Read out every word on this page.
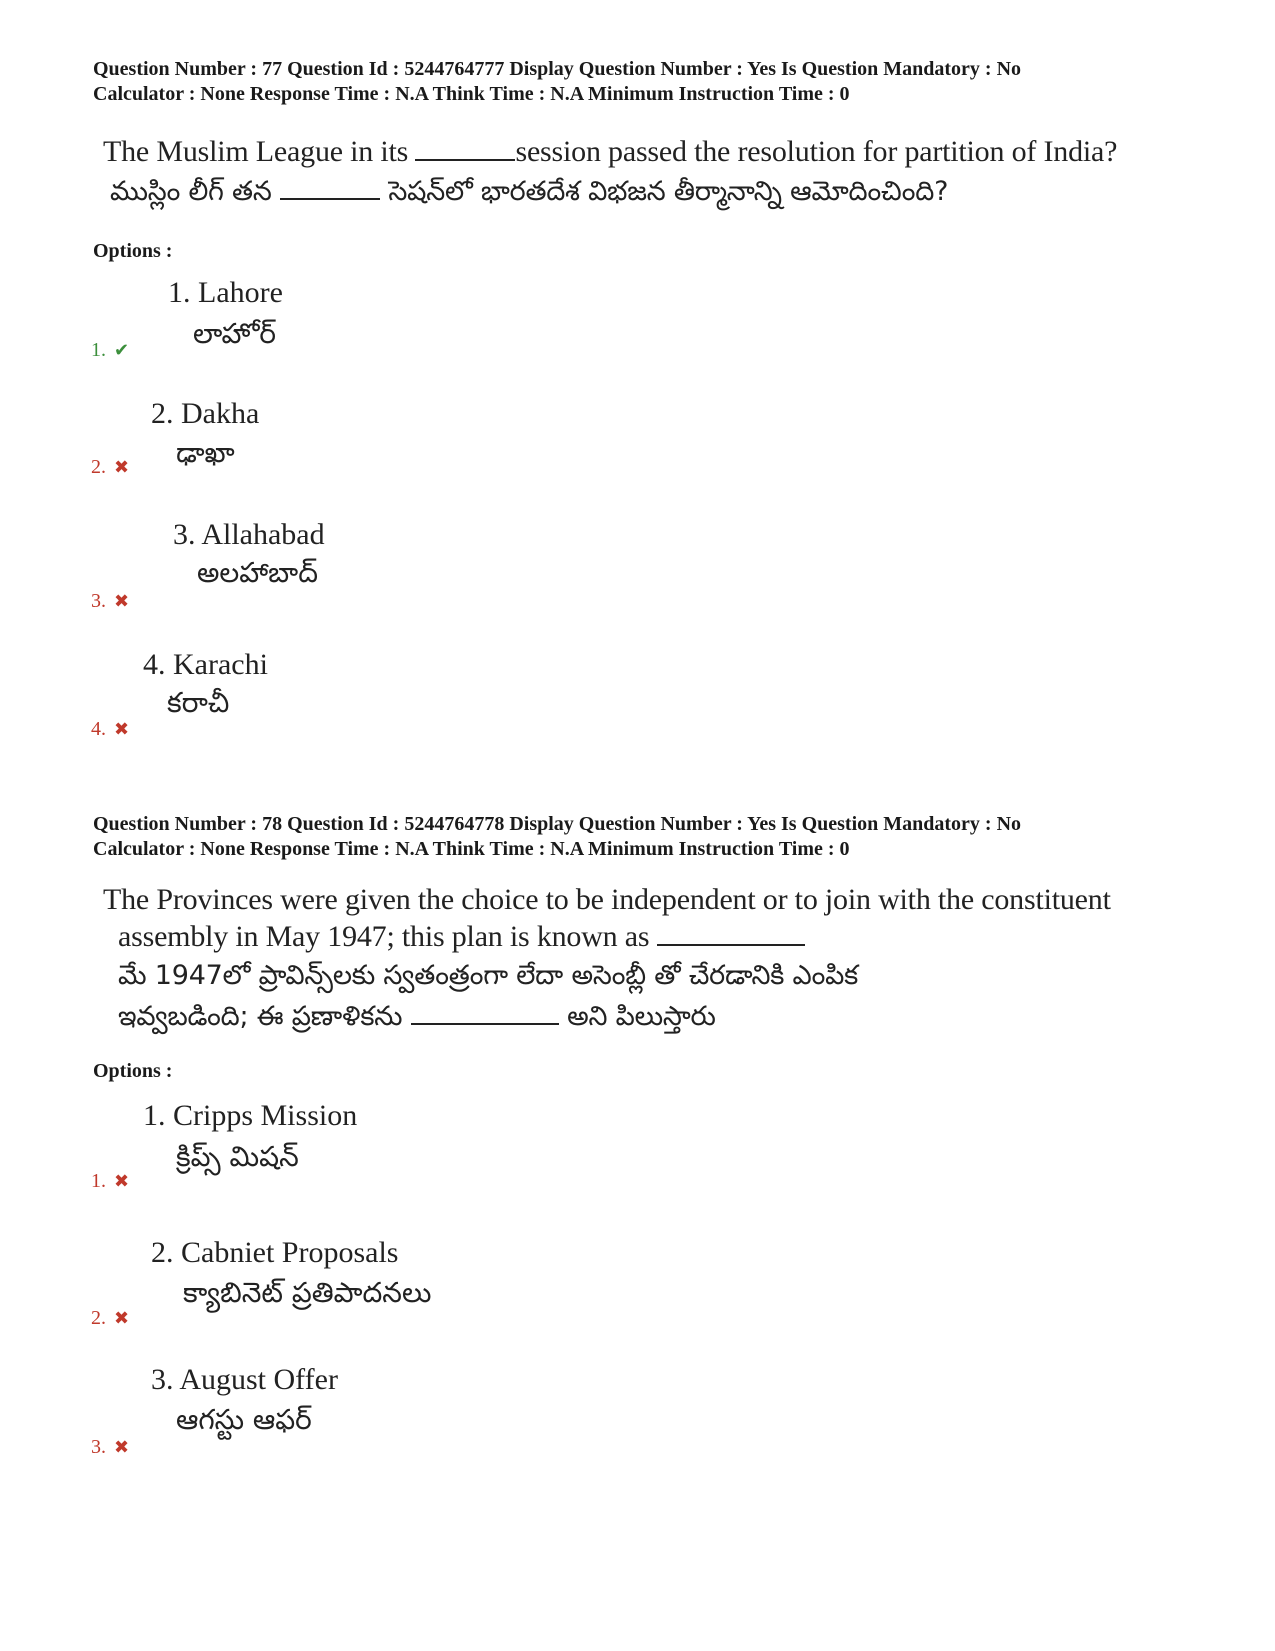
Question Number : 77 Question Id : 5244764777 Display Question Number : Yes Is Question Mandatory : No
Calculator : None Response Time : N.A Think Time : N.A Minimum Instruction Time : 0
The Muslim League in its	session passed the resolution for partition of India?
ముస్లిం లీగ్ తన	సెషన్‌లో భారతదేశ విభజన తీర్మానాన్ని ఆమోదించింది?
Options :
1. Lahore
లాహోర్
1. ✔
2. Dakha
ఢాఖా
2. ✖
3. Allahabad
అలహాబాద్
3. ✖
4. Karachi
కరాచీ
4. ✖
Question Number : 78 Question Id : 5244764778 Display Question Number : Yes Is Question Mandatory : No
Calculator : None Response Time : N.A Think Time : N.A Minimum Instruction Time : 0
The Provinces were given the choice to be independent or to join with the constituent
assembly in May 1947; this plan is known as
మే 1947లో ప్రావిన్స్‌లకు స్వతంత్రంగా లేదా అసెంబ్లీ తో చేరడానికి ఎంపిక
ఇవ్వబడింది; ఈ ప్రణాళికను	అని పిలుస్తారు
Options :
1. Cripps Mission
క్రిప్స్ మిషన్
1. ✖
2. Cabniet Proposals
క్యాబినెట్ ప్రతిపాదనలు
2. ✖
3. August Offer
ఆగస్టు ఆఫర్
3. ✖
